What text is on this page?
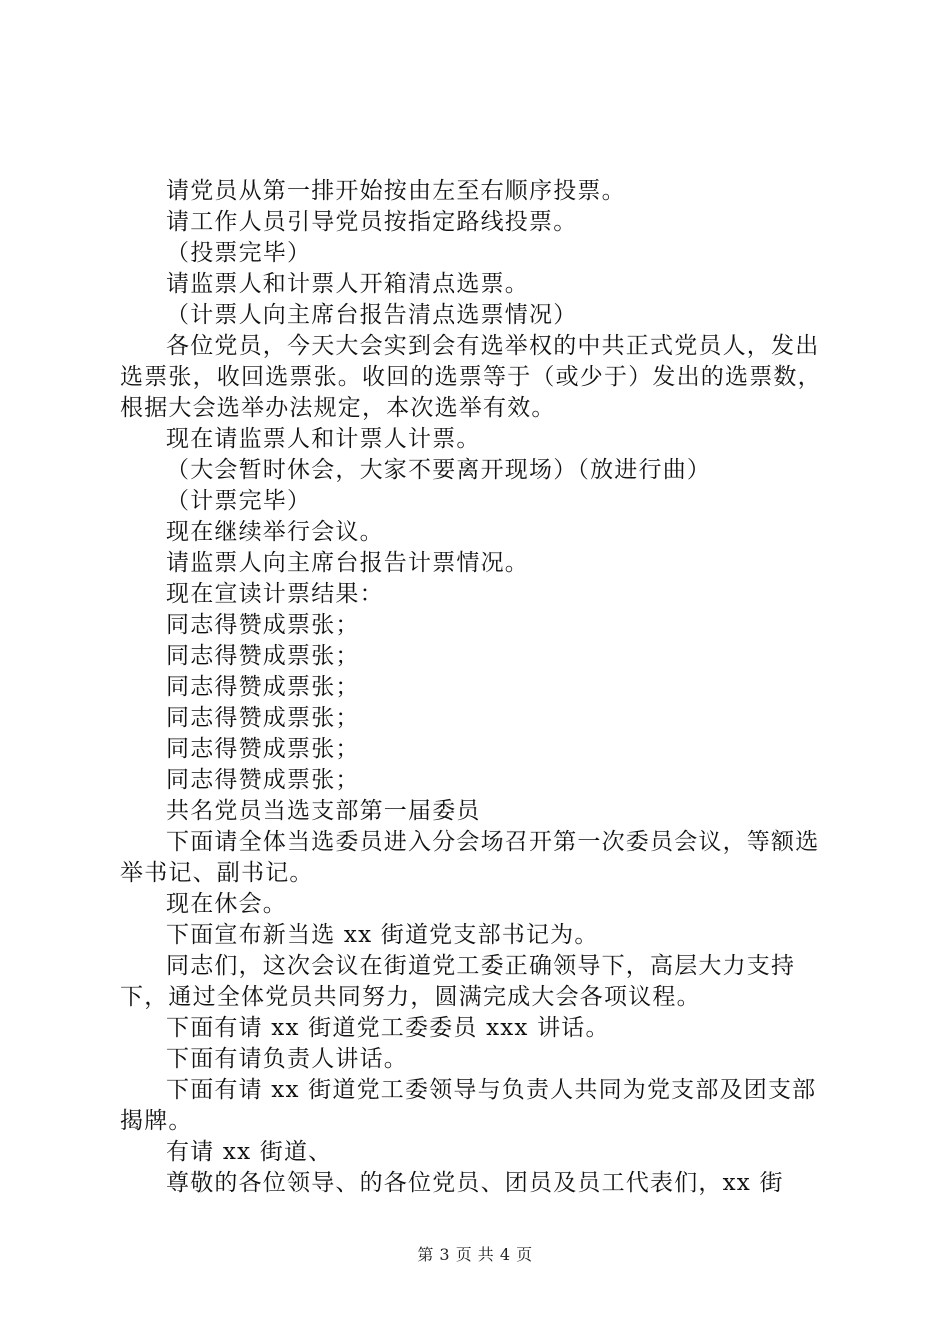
请党员从第一排开始按由左至右顺序投票。

请工作人员引导党员按指定路线投票。

（投票完毕）

请监票人和计票人开箱清点选票。

（计票人向主席台报告清点选票情况）

各位党员，今天大会实到会有选举权的中共正式党员人，发出选票张，收回选票张。收回的选票等于（或少于）发出的选票数，根据大会选举办法规定，本次选举有效。

现在请监票人和计票人计票。

（大会暂时休会，大家不要离开现场）（放进行曲）

（计票完毕）

现在继续举行会议。

请监票人向主席台报告计票情况。

现在宣读计票结果：

同志得赞成票张；

同志得赞成票张；

同志得赞成票张；

同志得赞成票张；

同志得赞成票张；

同志得赞成票张；

共名党员当选支部第一届委员

下面请全体当选委员进入分会场召开第一次委员会议，等额选举书记、副书记。

现在休会。

下面宣布新当选 xx 街道党支部书记为。

同志们，这次会议在街道党工委正确领导下，高层大力支持下，通过全体党员共同努力，圆满完成大会各项议程。

下面有请 xx 街道党工委委员 xxx 讲话。

下面有请负责人讲话。

下面有请 xx 街道党工委领导与负责人共同为党支部及团支部揭牌。

有请 xx 街道、

尊敬的各位领导、的各位党员、团员及员工代表们，xx 街

第 3 页 共 4 页
